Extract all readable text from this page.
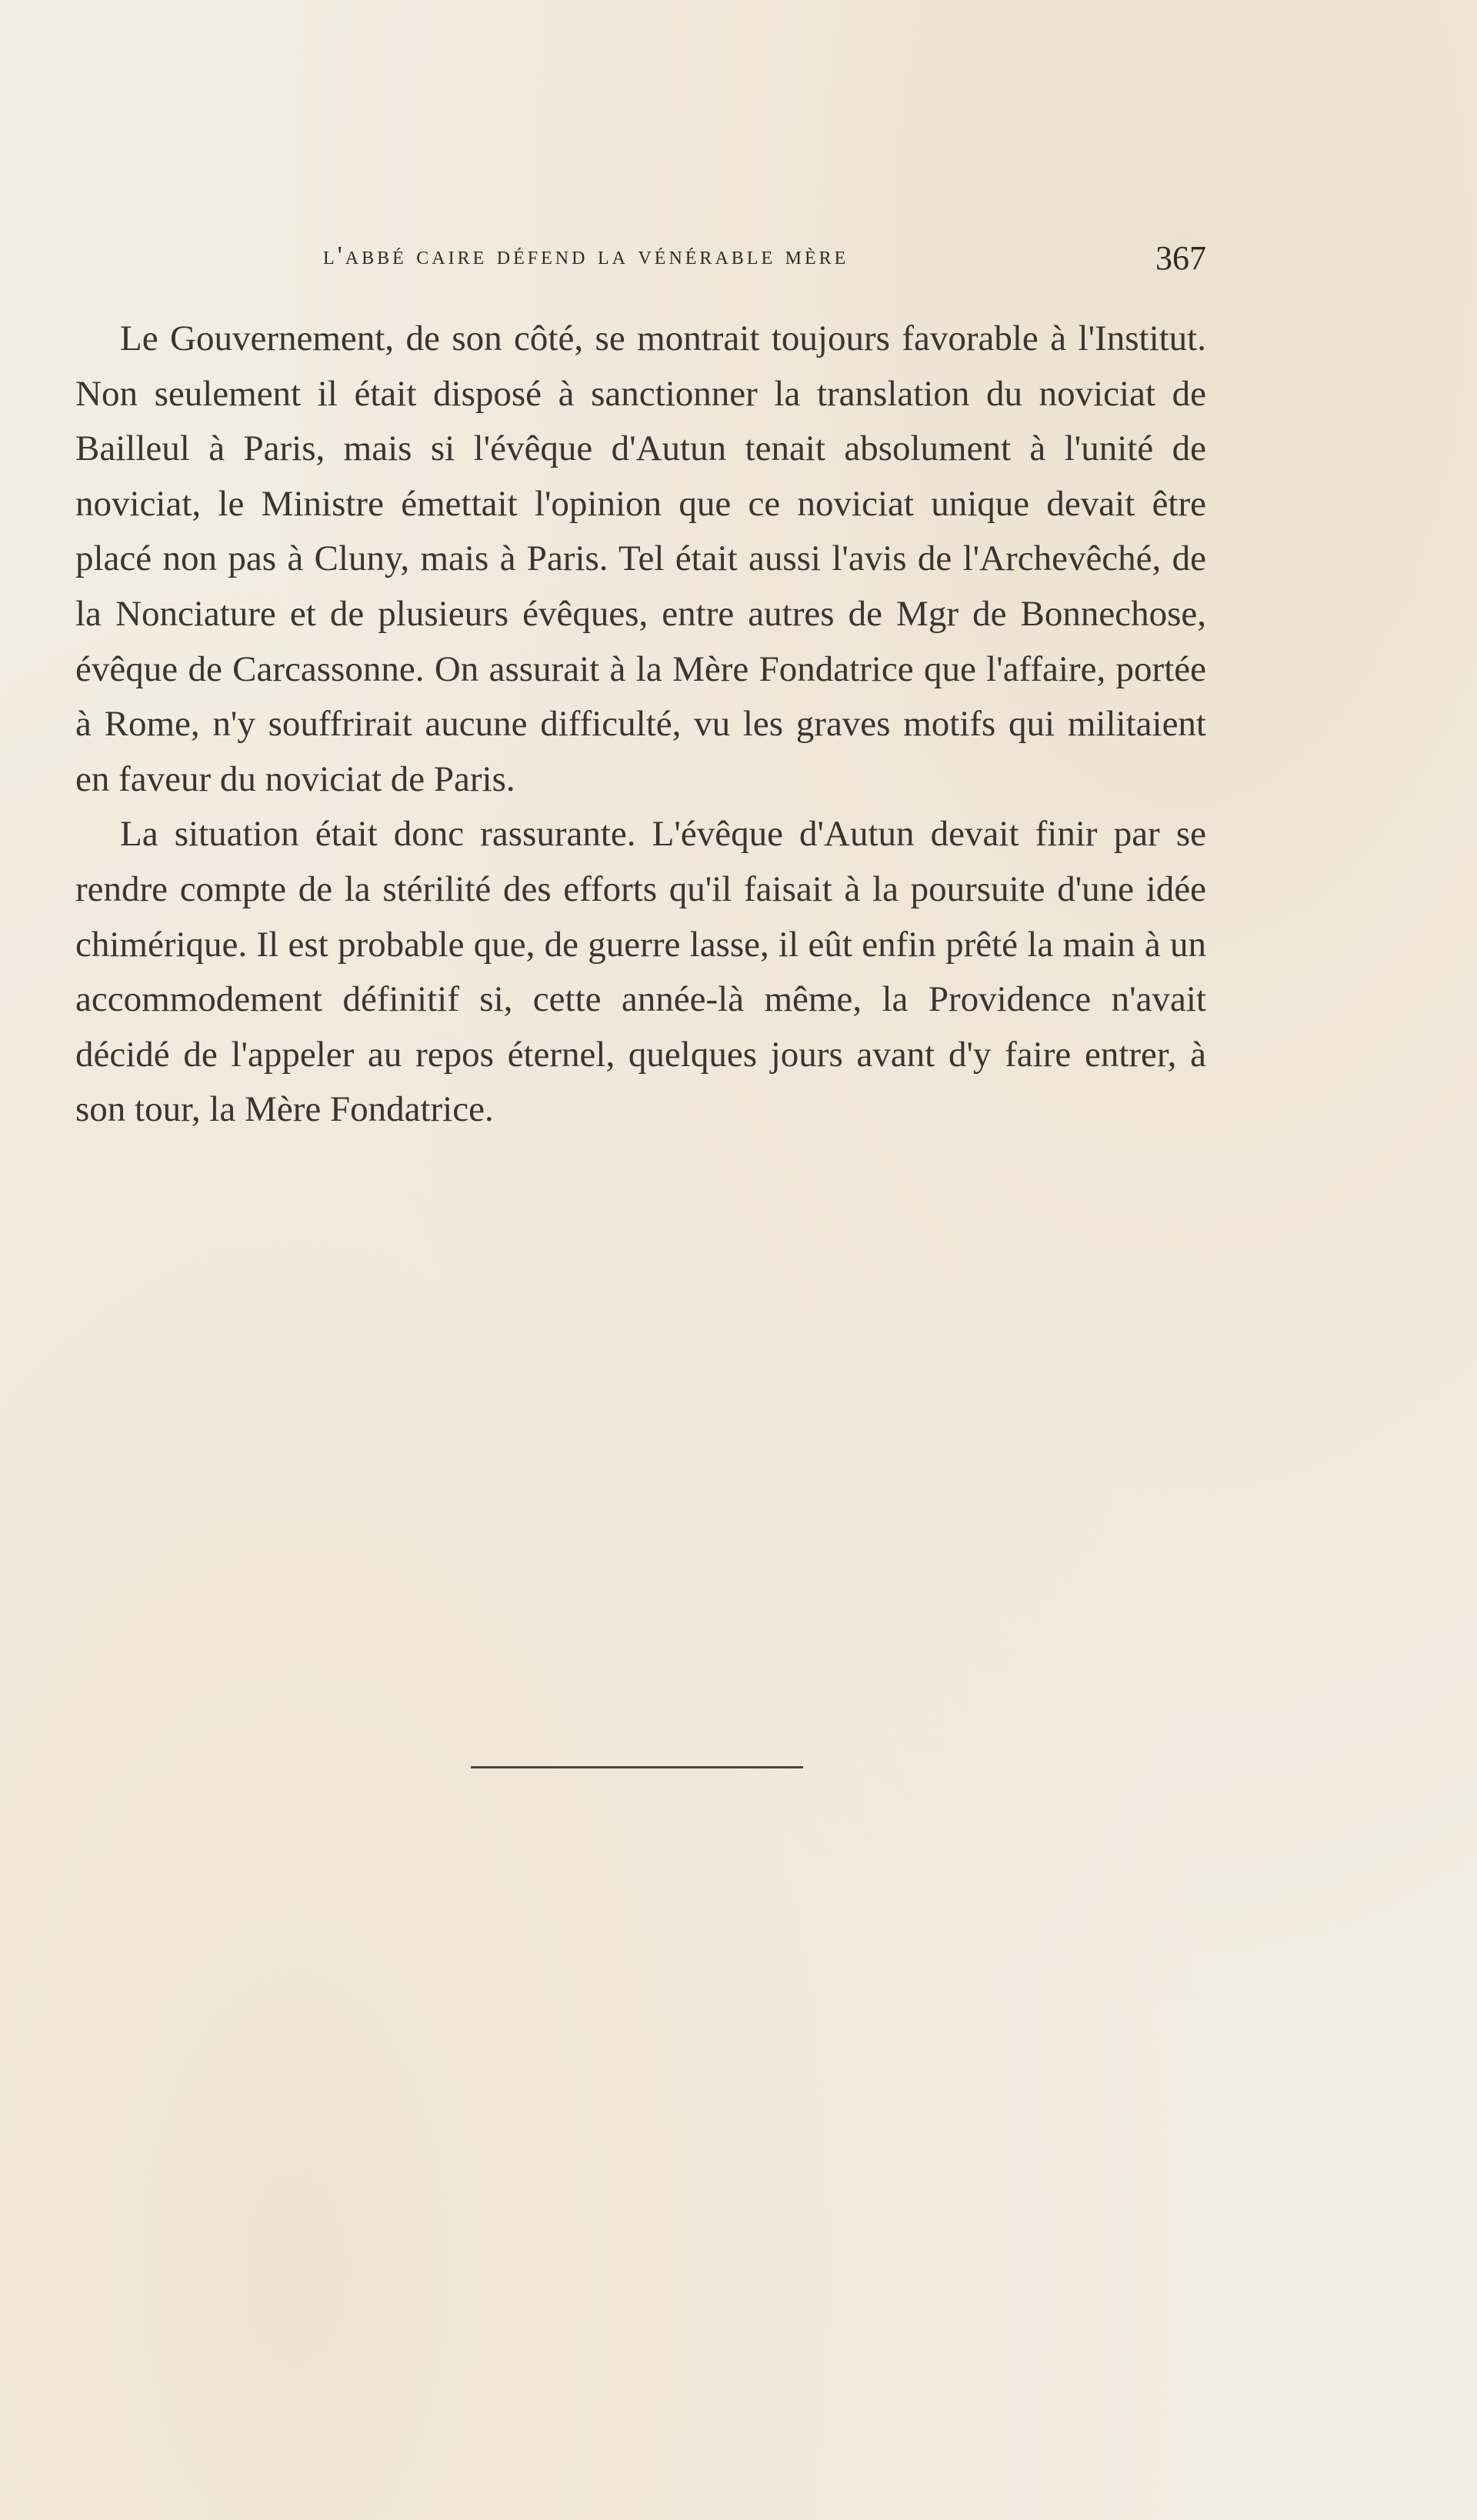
l'abbé caire défend la vénérable mère	367

Le Gouvernement, de son côté, se montrait toujours favorable à l'Institut. Non seulement il était disposé à sanctionner la translation du noviciat de Bailleul à Paris, mais si l'évêque d'Autun tenait absolument à l'unité de noviciat, le Ministre émettait l'opinion que ce noviciat unique devait être placé non pas à Cluny, mais à Paris. Tel était aussi l'avis de l'Archevêché, de la Nonciature et de plusieurs évêques, entre autres de Mgr de Bonnechose, évêque de Carcassonne. On assurait à la Mère Fondatrice que l'affaire, portée à Rome, n'y souffrirait aucune difficulté, vu les graves motifs qui militaient en faveur du noviciat de Paris.

La situation était donc rassurante. L'évêque d'Autun devait finir par se rendre compte de la stérilité des efforts qu'il faisait à la poursuite d'une idée chimérique. Il est probable que, de guerre lasse, il eût enfin prêté la main à un accommodement définitif si, cette année-là même, la Providence n'avait décidé de l'appeler au repos éternel, quelques jours avant d'y faire entrer, à son tour, la Mère Fondatrice.
